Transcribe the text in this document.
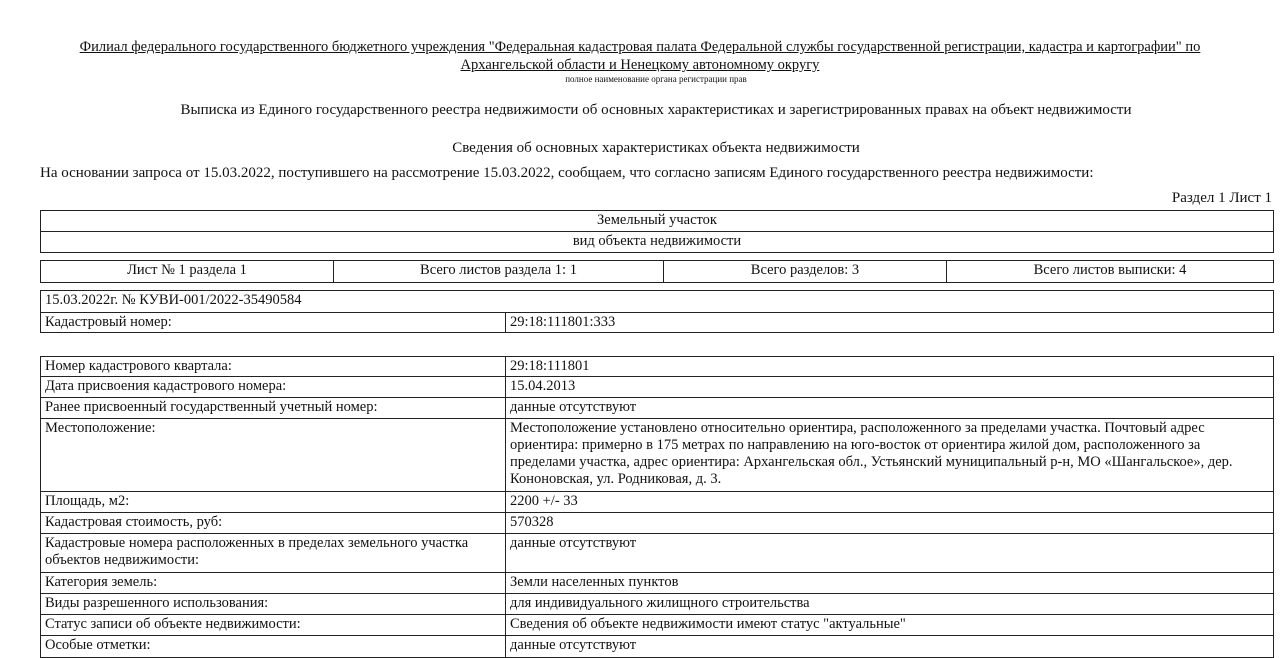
Филиал федерального государственного бюджетного учреждения "Федеральная кадастровая палата Федеральной службы государственной регистрации, кадастра и картографии" по Архангельской области и Ненецкому автономному округу
полное наименование органа регистрации прав
Выписка из Единого государственного реестра недвижимости об основных характеристиках и зарегистрированных правах на объект недвижимости
Сведения об основных характеристиках объекта недвижимости
На основании запроса от 15.03.2022, поступившего на рассмотрение 15.03.2022, сообщаем, что согласно записям Единого государственного реестра недвижимости:
Раздел 1 Лист 1
Земельный участок
вид объекта недвижимости
Лист № 1 раздела 1	Всего листов раздела 1: 1	Всего разделов: 3	Всего листов выписки: 4
15.03.2022г. № КУВИ-001/2022-35490584
Кадастровый номер:	29:18:111801:333
Номер кадастрового квартала:	29:18:111801
Дата присвоения кадастрового номера:	15.04.2013
Ранее присвоенный государственный учетный номер:	данные отсутствуют
Местоположение:	Местоположение установлено относительно ориентира, расположенного за пределами участка. Почтовый адрес ориентира: примерно в 175 метрах по направлению на юго-восток от ориентира жилой дом, расположенного за пределами участка, адрес ориентира: Архангельская обл., Устьянский муниципальный р-н, МО «Шангальское», дер. Кононовская, ул. Родниковая, д. 3.
Площадь, м2:	2200 +/- 33
Кадастровая стоимость, руб:	570328
Кадастровые номера расположенных в пределах земельного участка объектов недвижимости:
данные отсутствуют
Категория земель:	Земли населенных пунктов
Виды разрешенного использования:	для индивидуального жилищного строительства
Статус записи об объекте недвижимости:	Сведения об объекте недвижимости имеют статус "актуальные"
Особые отметки:	данные отсутствуют
